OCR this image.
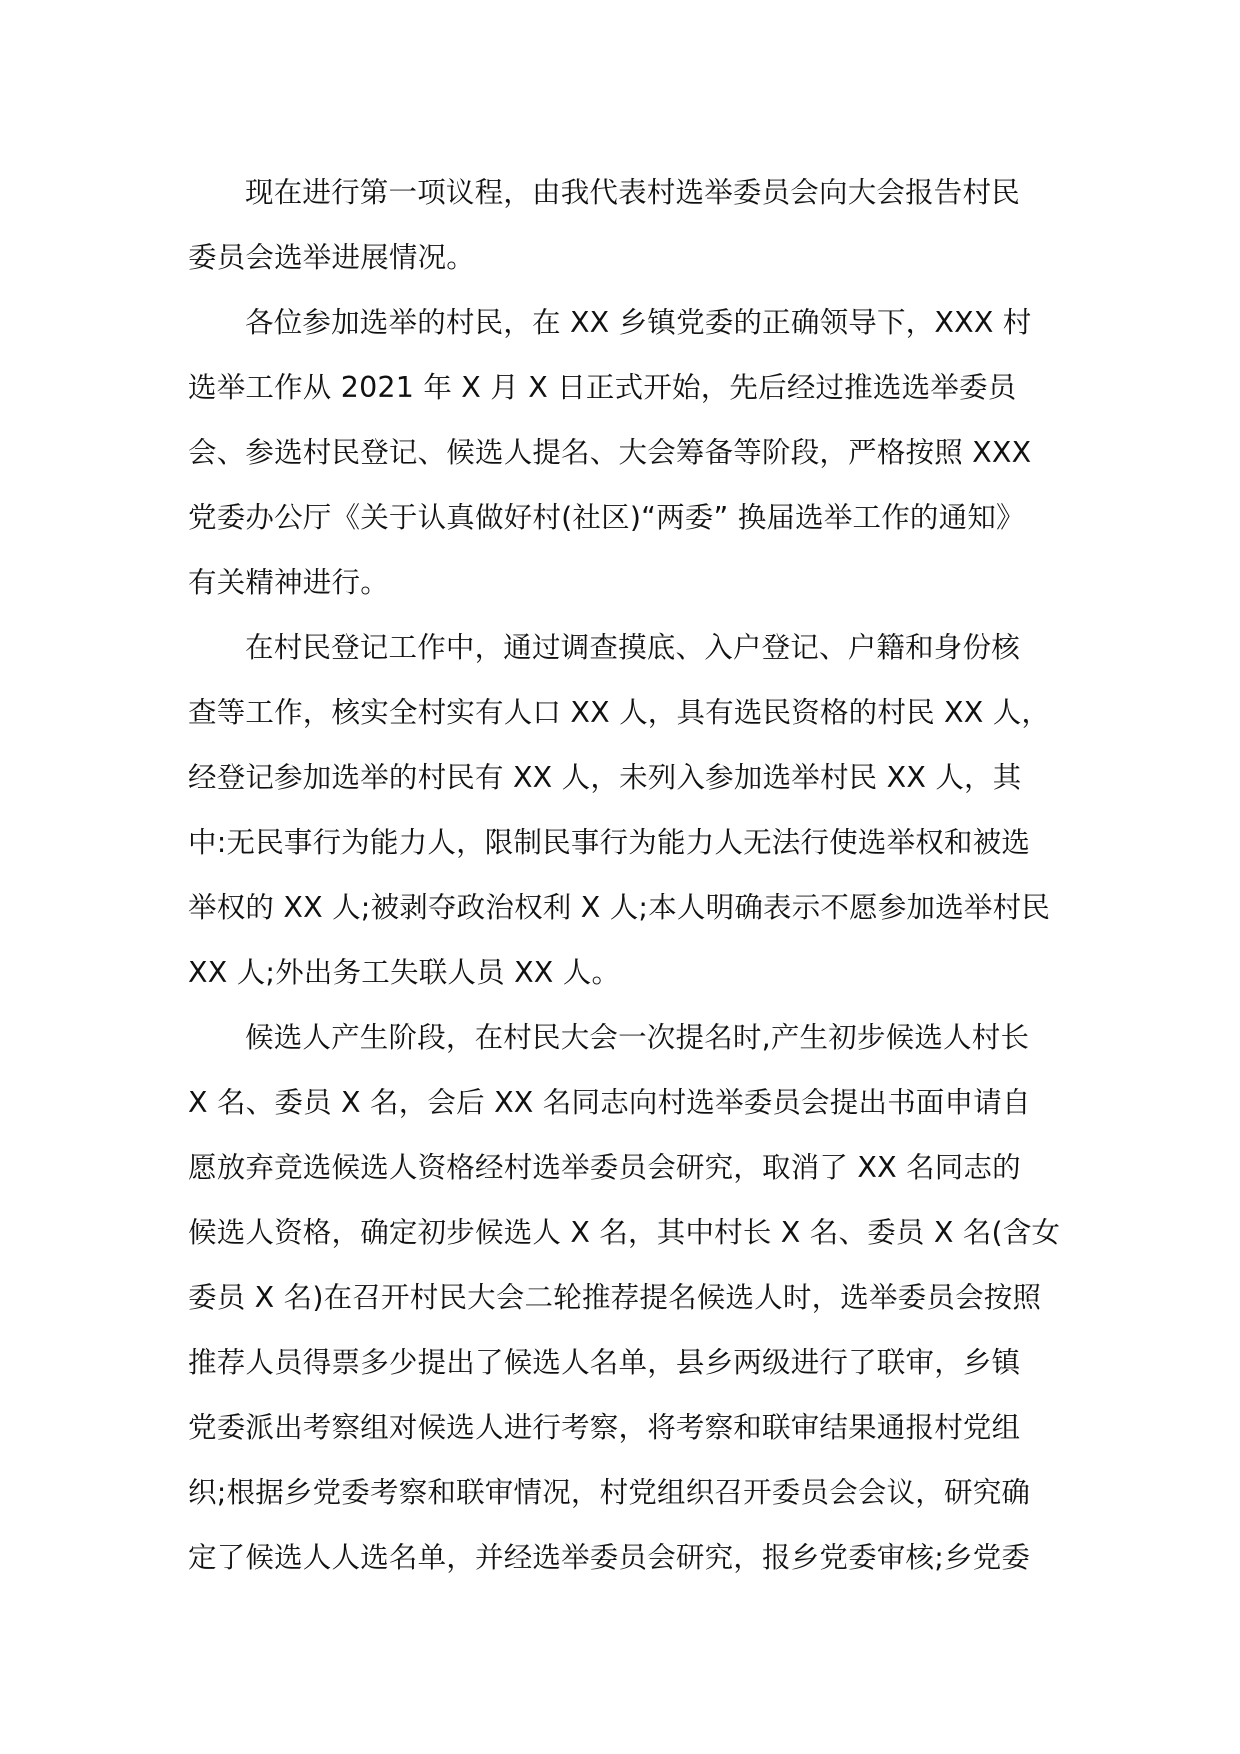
现在进行第一项议程，由我代表村选举委员会向大会报告村民
委员会选举进展情况。
各位参加选举的村民，在 XX 乡镇党委的正确领导下，XXX 村
选举工作从 2021 年 X 月 X 日正式开始，先后经过推选选举委员
会、参选村民登记、候选人提名、大会筹备等阶段，严格按照 XXX
党委办公厅《关于认真做好村(社区)“两委” 换届选举工作的通知》
有关精神进行。
在村民登记工作中，通过调查摸底、入户登记、户籍和身份核
查等工作，核实全村实有人口 XX 人，具有选民资格的村民 XX 人，
经登记参加选举的村民有 XX 人，未列入参加选举村民 XX 人，其
中:无民事行为能力人，限制民事行为能力人无法行使选举权和被选
举权的 XX 人;被剥夺政治权利 X 人;本人明确表示不愿参加选举村民
XX 人;外出务工失联人员 XX 人。
候选人产生阶段，在村民大会一次提名时,产生初步候选人村长
X 名、委员 X 名，会后 XX 名同志向村选举委员会提出书面申请自
愿放弃竞选候选人资格经村选举委员会研究，取消了 XX 名同志的
候选人资格，确定初步候选人 X 名，其中村长 X 名、委员 X 名(含女
委员 X 名)在召开村民大会二轮推荐提名候选人时，选举委员会按照
推荐人员得票多少提出了候选人名单，县乡两级进行了联审，乡镇
党委派出考察组对候选人进行考察，将考察和联审结果通报村党组
织;根据乡党委考察和联审情况，村党组织召开委员会会议，研究确
定了候选人人选名单，并经选举委员会研究，报乡党委审核;乡党委
